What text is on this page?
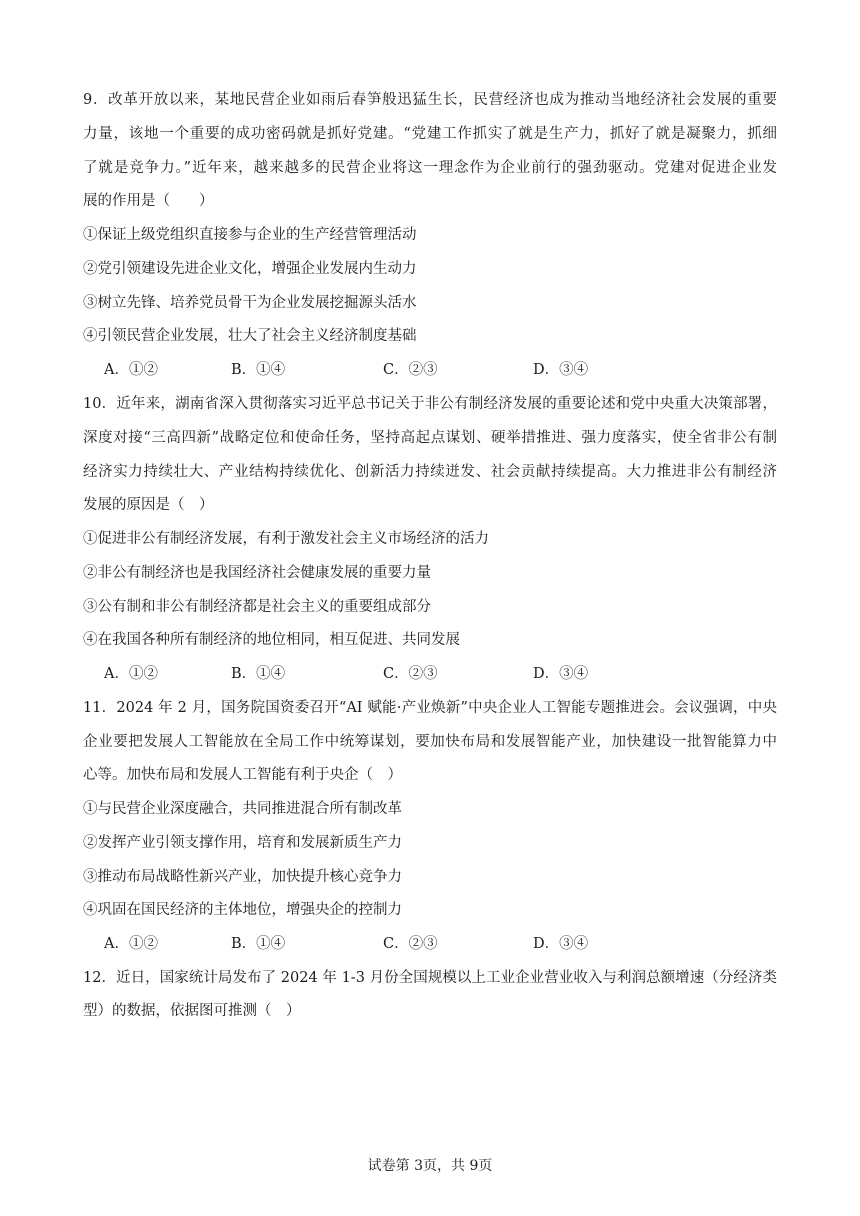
9．改革开放以来，某地民营企业如雨后春笋般迅猛生长，民营经济也成为推动当地经济社会发展的重要
力量，该地一个重要的成功密码就是抓好党建。“党建工作抓实了就是生产力，抓好了就是凝聚力，抓细
了就是竞争力。”近年来，越来越多的民营企业将这一理念作为企业前行的强劲驱动。党建对促进企业发
展的作用是（　　）
①保证上级党组织直接参与企业的生产经营管理活动
②党引领建设先进企业文化，增强企业发展内生动力
③树立先锋、培养党员骨干为企业发展挖掘源头活水
④引领民营企业发展，壮大了社会主义经济制度基础
A．①②	B．①④	C．②③	D．③④
10．近年来，湖南省深入贯彻落实习近平总书记关于非公有制经济发展的重要论述和党中央重大决策部署，
深度对接“三高四新”战略定位和使命任务，坚持高起点谋划、硬举措推进、强力度落实，使全省非公有制
经济实力持续壮大、产业结构持续优化、创新活力持续迸发、社会贡献持续提高。大力推进非公有制经济
发展的原因是（　）
①促进非公有制经济发展，有利于激发社会主义市场经济的活力
②非公有制经济也是我国经济社会健康发展的重要力量
③公有制和非公有制经济都是社会主义的重要组成部分
④在我国各种所有制经济的地位相同，相互促进、共同发展
A．①②	B．①④	C．②③	D．③④
11．2024 年 2 月，国务院国资委召开“AI 赋能·产业焕新”中央企业人工智能专题推进会。会议强调，中央
企业要把发展人工智能放在全局工作中统筹谋划，要加快布局和发展智能产业，加快建设一批智能算力中
心等。加快布局和发展人工智能有利于央企（　）
①与民营企业深度融合，共同推进混合所有制改革
②发挥产业引领支撑作用，培育和发展新质生产力
③推动布局战略性新兴产业，加快提升核心竞争力
④巩固在国民经济的主体地位，增强央企的控制力
A．①②	B．①④	C．②③	D．③④
12．近日，国家统计局发布了 2024 年 1-3 月份全国规模以上工业企业营业收入与利润总额增速（分经济类
型）的数据，依据图可推测（　）
试卷第 3页，共 9页
